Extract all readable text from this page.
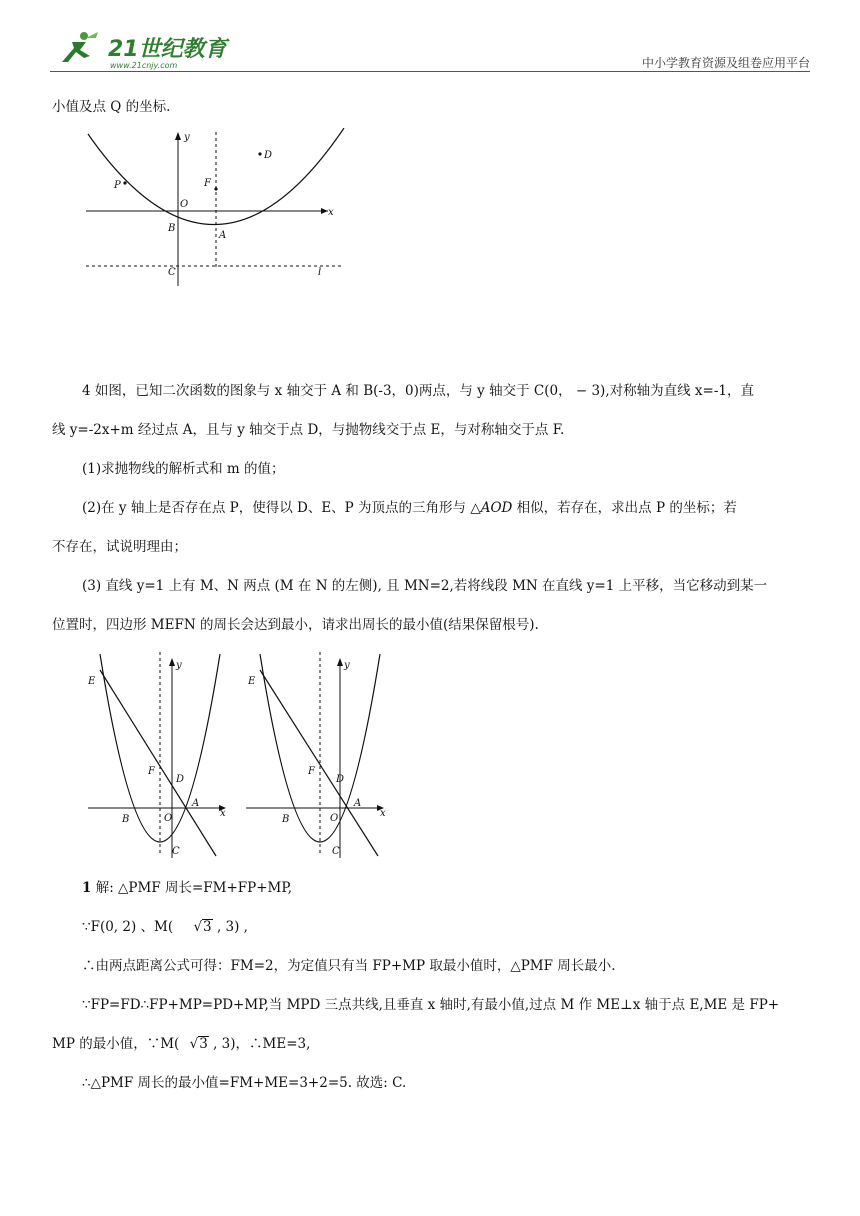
21世纪教育
www.21cnjy.com	中小学教育资源及组卷应用平台
小值及点 Q 的坐标.
y
D
P	F
O
x
B
A
C	l
4 如图，已知二次函数的图象与 x 轴交于 A 和 B(-3，0)两点，与 y 轴交于 C(0， − 3),对称轴为直线 x=-1，直
线 y=-2x+m 经过点 A，且与 y 轴交于点 D，与抛物线交于点 E，与对称轴交于点 F.
(1)求抛物线的解析式和 m 的值；
(2)在 y 轴上是否存在点 P，使得以 D、E、P 为顶点的三角形与 △AOD 相似，若存在，求出点 P 的坐标；若
不存在，试说明理由；
(3) 直线 y=1 上有 M、N 两点 (M 在 N 的左侧), 且 MN=2,若将线段 MN 在直线 y=1 上平移，当它移动到某一
位置时，四边形 MEFN 的周长会达到最小，请求出周长的最小值(结果保留根号).
E
y
F
D
B	O
A
x
C
E
y
F
D
B	O
A
x
C
1 解: △PMF 周长=FM+FP+MP,
∵F(0, 2) 、M( √3 , 3) ,
∴由两点距离公式可得：FM=2，为定值只有当 FP+MP 取最小值时，△PMF 周长最小.
∵FP=FD∴FP+MP=PD+MP,当 MPD 三点共线,且垂直 x 轴时,有最小值,过点 M 作 ME⊥x 轴于点 E,ME 是 FP+
MP 的最小值，∵M( √3 , 3)，∴ME=3,
∴△PMF 周长的最小值=FM+ME=3+2=5. 故选: C.
